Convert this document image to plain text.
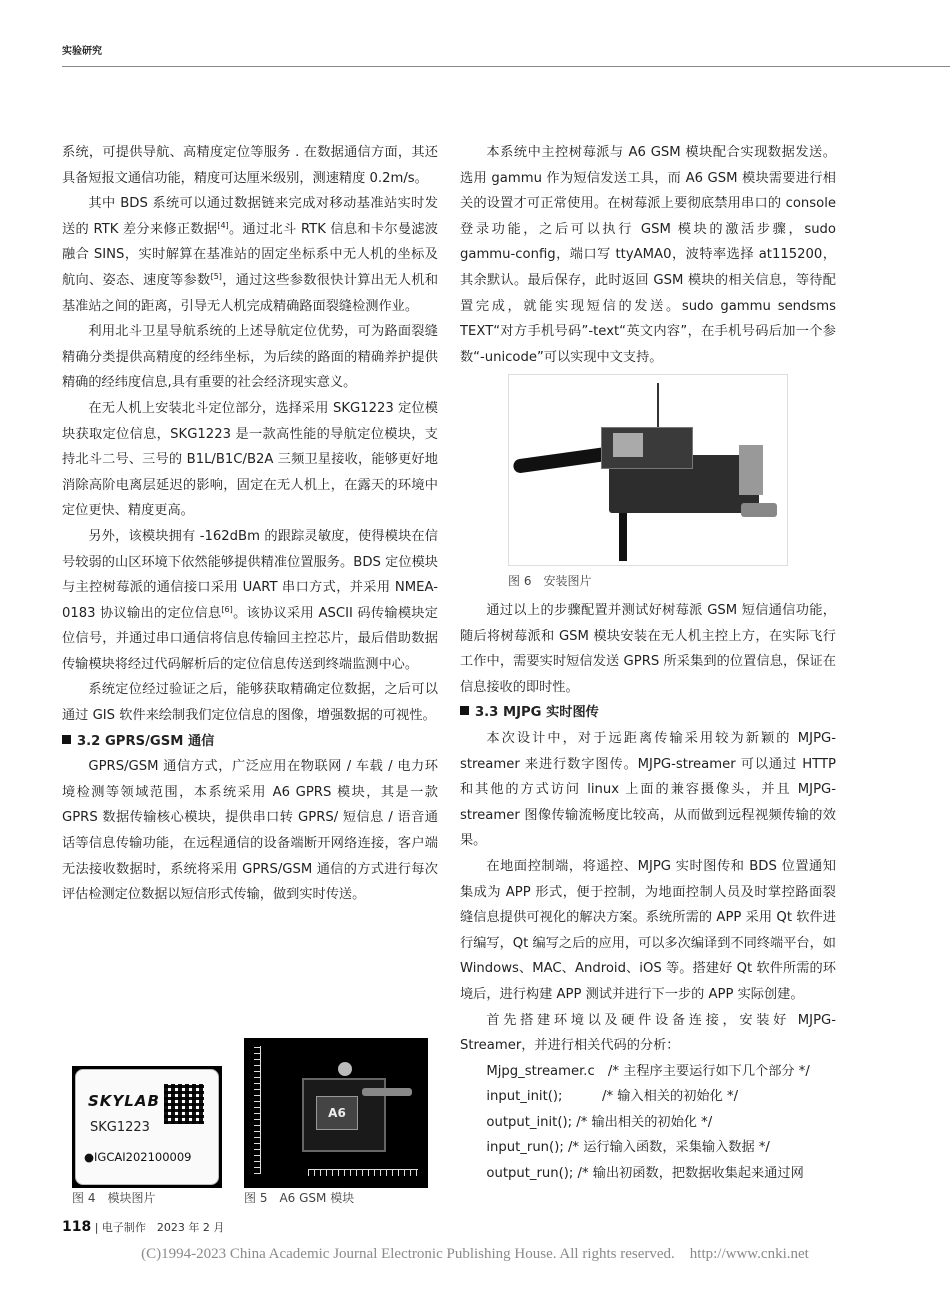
实验研究

系统，可提供导航、高精度定位等服务 . 在数据通信方面，其还具备短报文通信功能，精度可达厘米级别，测速精度 0.2m/s。

其中 BDS 系统可以通过数据链来完成对移动基准站实时发送的 RTK 差分来修正数据[4]。通过北斗 RTK 信息和卡尔曼滤波融合 SINS，实时解算在基准站的固定坐标系中无人机的坐标及航向、姿态、速度等参数[5]，通过这些参数很快计算出无人机和基准站之间的距离，引导无人机完成精确路面裂缝检测作业。

利用北斗卫星导航系统的上述导航定位优势，可为路面裂缝精确分类提供高精度的经纬坐标，为后续的路面的精确养护提供精确的经纬度信息,具有重要的社会经济现实意义。

在无人机上安装北斗定位部分，选择采用 SKG1223 定位模块获取定位信息，SKG1223 是一款高性能的导航定位模块，支持北斗二号、三号的 B1L/B1C/B2A 三频卫星接收，能够更好地消除高阶电离层延迟的影响，固定在无人机上，在露天的环境中定位更快、精度更高。

另外，该模块拥有 -162dBm 的跟踪灵敏度，使得模块在信号较弱的山区环境下依然能够提供精准位置服务。BDS 定位模块与主控树莓派的通信接口采用 UART 串口方式，并采用 NMEA-0183 协议输出的定位信息[6]。该协议采用 ASCII 码传输模块定位信号，并通过串口通信将信息传输回主控芯片，最后借助数据传输模块将经过代码解析后的定位信息传送到终端监测中心。

系统定位经过验证之后，能够获取精确定位数据，之后可以通过 GIS 软件来绘制我们定位信息的图像，增强数据的可视性。

3.2 GPRS/GSM 通信

GPRS/GSM 通信方式，广泛应用在物联网 / 车载 / 电力环境检测等领域范围，本系统采用 A6 GPRS 模块，其是一款 GPRS 数据传输核心模块，提供串口转 GPRS/ 短信息 / 语音通话等信息传输功能，在远程通信的设备端断开网络连接，客户端无法接收数据时，系统将采用 GPRS/GSM 通信的方式进行每次评估检测定位数据以短信形式传输，做到实时传送。

SKYLAB
SKG1223
●IGCAI202100009
A6
图 4　模块图片	图 5　A6 GSM 模块

本系统中主控树莓派与 A6 GSM 模块配合实现数据发送。选用 gammu 作为短信发送工具，而 A6 GSM 模块需要进行相关的设置才可正常使用。在树莓派上要彻底禁用串口的 console 登录功能，之后可以执行 GSM 模块的激活步骤，sudo gammu-config，端口写 ttyAMA0，波特率选择 at115200，其余默认。最后保存，此时返回 GSM 模块的相关信息，等待配置完成，就能实现短信的发送。sudo gammu sendsms TEXT“对方手机号码”-text“英文内容”，在手机号码后加一个参数“-unicode”可以实现中文支持。

图 6　安装图片

通过以上的步骤配置并测试好树莓派 GSM 短信通信功能，随后将树莓派和 GSM 模块安装在无人机主控上方，在实际飞行工作中，需要实时短信发送 GPRS 所采集到的位置信息，保证在信息接收的即时性。

3.3 MJPG 实时图传

本次设计中，对于远距离传输采用较为新颖的 MJPG-streamer 来进行数字图传。MJPG-streamer 可以通过 HTTP 和其他的方式访问 linux 上面的兼容摄像头，并且 MJPG-streamer 图像传输流畅度比较高，从而做到远程视频传输的效果。

在地面控制端，将遥控、MJPG 实时图传和 BDS 位置通知集成为 APP 形式，便于控制，为地面控制人员及时掌控路面裂缝信息提供可视化的解决方案。系统所需的 APP 采用 Qt 软件进行编写，Qt 编写之后的应用，可以多次编译到不同终端平台，如 Windows、MAC、Android、iOS 等。搭建好 Qt 软件所需的环境后，进行构建 APP 测试并进行下一步的 APP 实际创建。

首先搭建环境以及硬件设备连接，安装好 MJPG-Streamer，并进行相关代码的分析：

Mjpg_streamer.c　/* 主程序主要运行如下几个部分 */
input_init();　　　/* 输入相关的初始化 */
output_init(); /* 输出相关的初始化 */
input_run(); /* 运行输入函数，采集输入数据 */
output_run(); /* 输出初函数，把数据收集起来通过网
118 | 电子制作　2023 年 2 月
(C)1994-2023 China Academic Journal Electronic Publishing House. All rights reserved.　http://www.cnki.net
